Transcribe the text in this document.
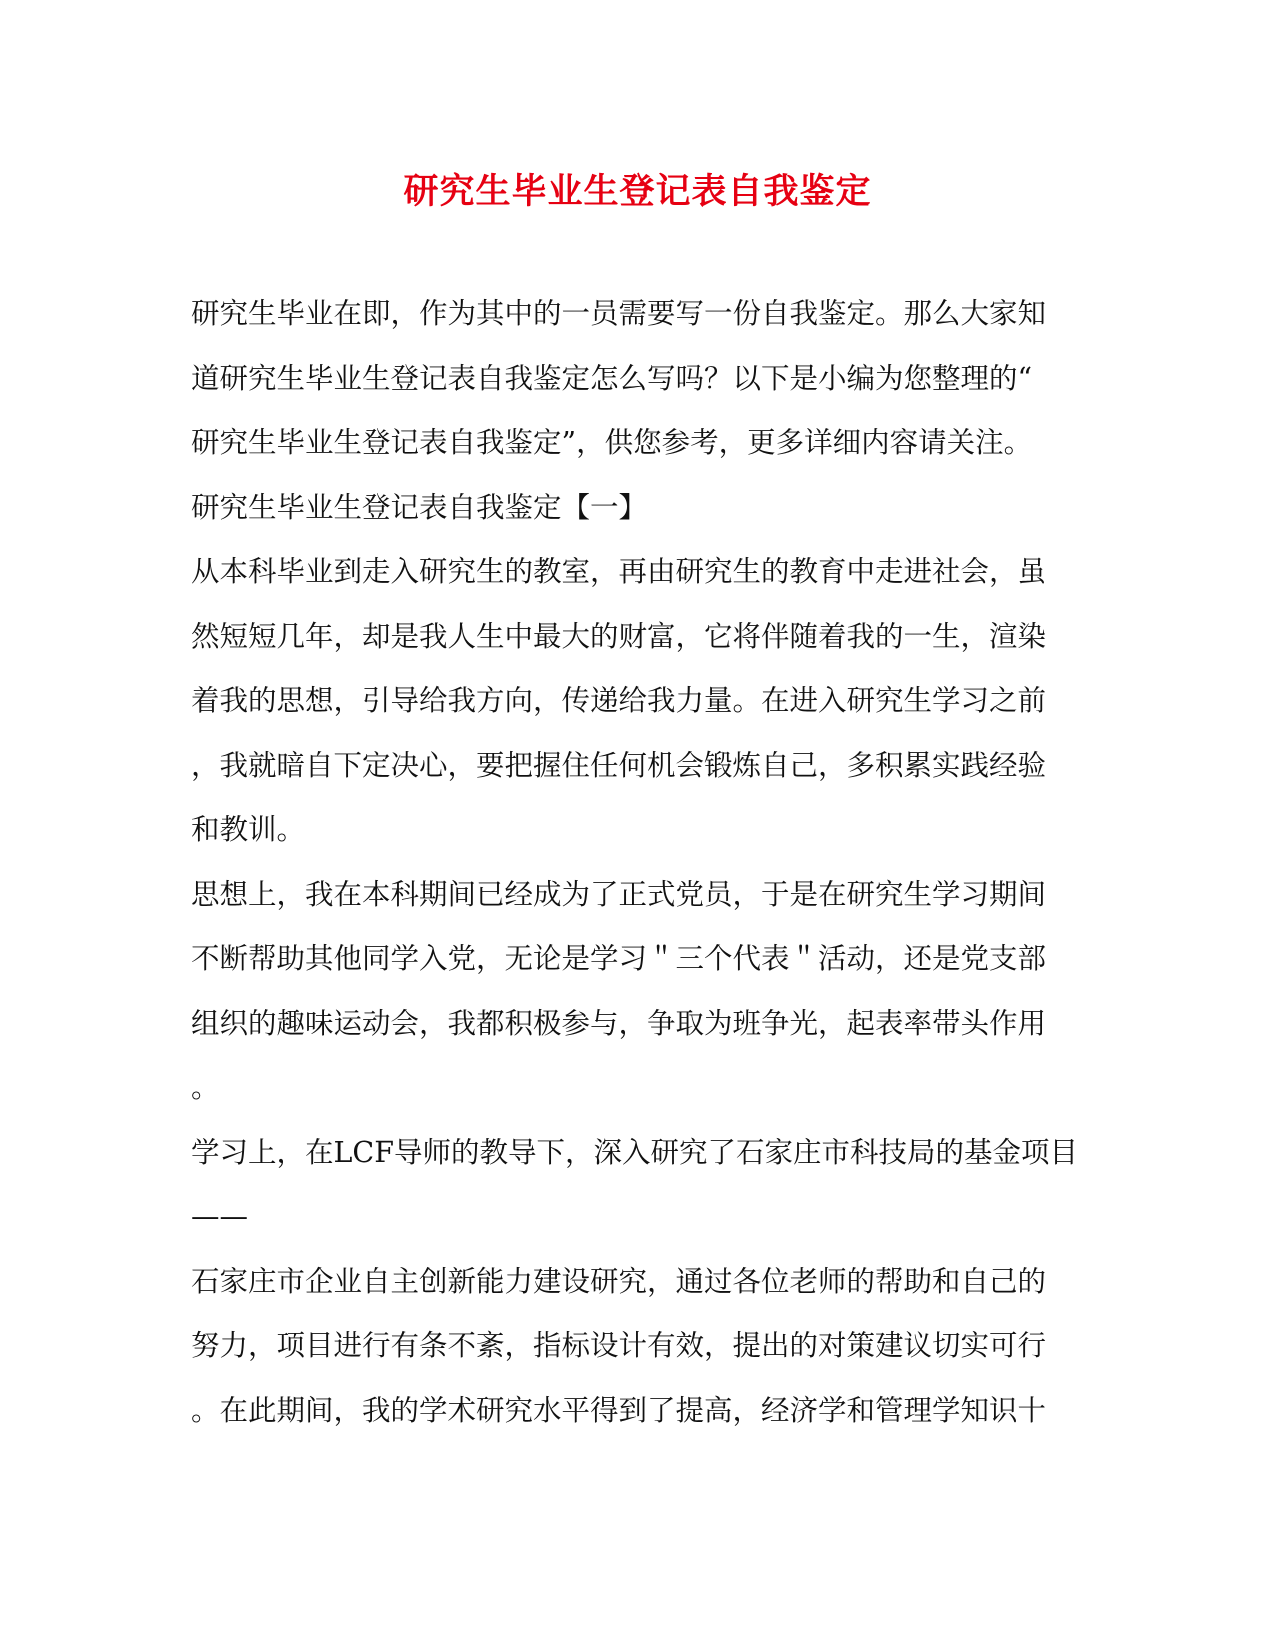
研究生毕业生登记表自我鉴定

研究生毕业在即，作为其中的一员需要写一份自我鉴定。那么大家知

道研究生毕业生登记表自我鉴定怎么写吗？以下是小编为您整理的“

研究生毕业生登记表自我鉴定”，供您参考，更多详细内容请关注。

研究生毕业生登记表自我鉴定【一】

从本科毕业到走入研究生的教室，再由研究生的教育中走进社会，虽

然短短几年，却是我人生中最大的财富，它将伴随着我的一生，渲染

着我的思想，引导给我方向，传递给我力量。在进入研究生学习之前

，我就暗自下定决心，要把握住任何机会锻炼自己，多积累实践经验

和教训。

思想上，我在本科期间已经成为了正式党员，于是在研究生学习期间

不断帮助其他同学入党，无论是学习＂三个代表＂活动，还是党支部

组织的趣味运动会，我都积极参与，争取为班争光，起表率带头作用

。

学习上，在LCF导师的教导下，深入研究了石家庄市科技局的基金项目

——

石家庄市企业自主创新能力建设研究，通过各位老师的帮助和自己的

努力，项目进行有条不紊，指标设计有效，提出的对策建议切实可行

。在此期间，我的学术研究水平得到了提高，经济学和管理学知识十
